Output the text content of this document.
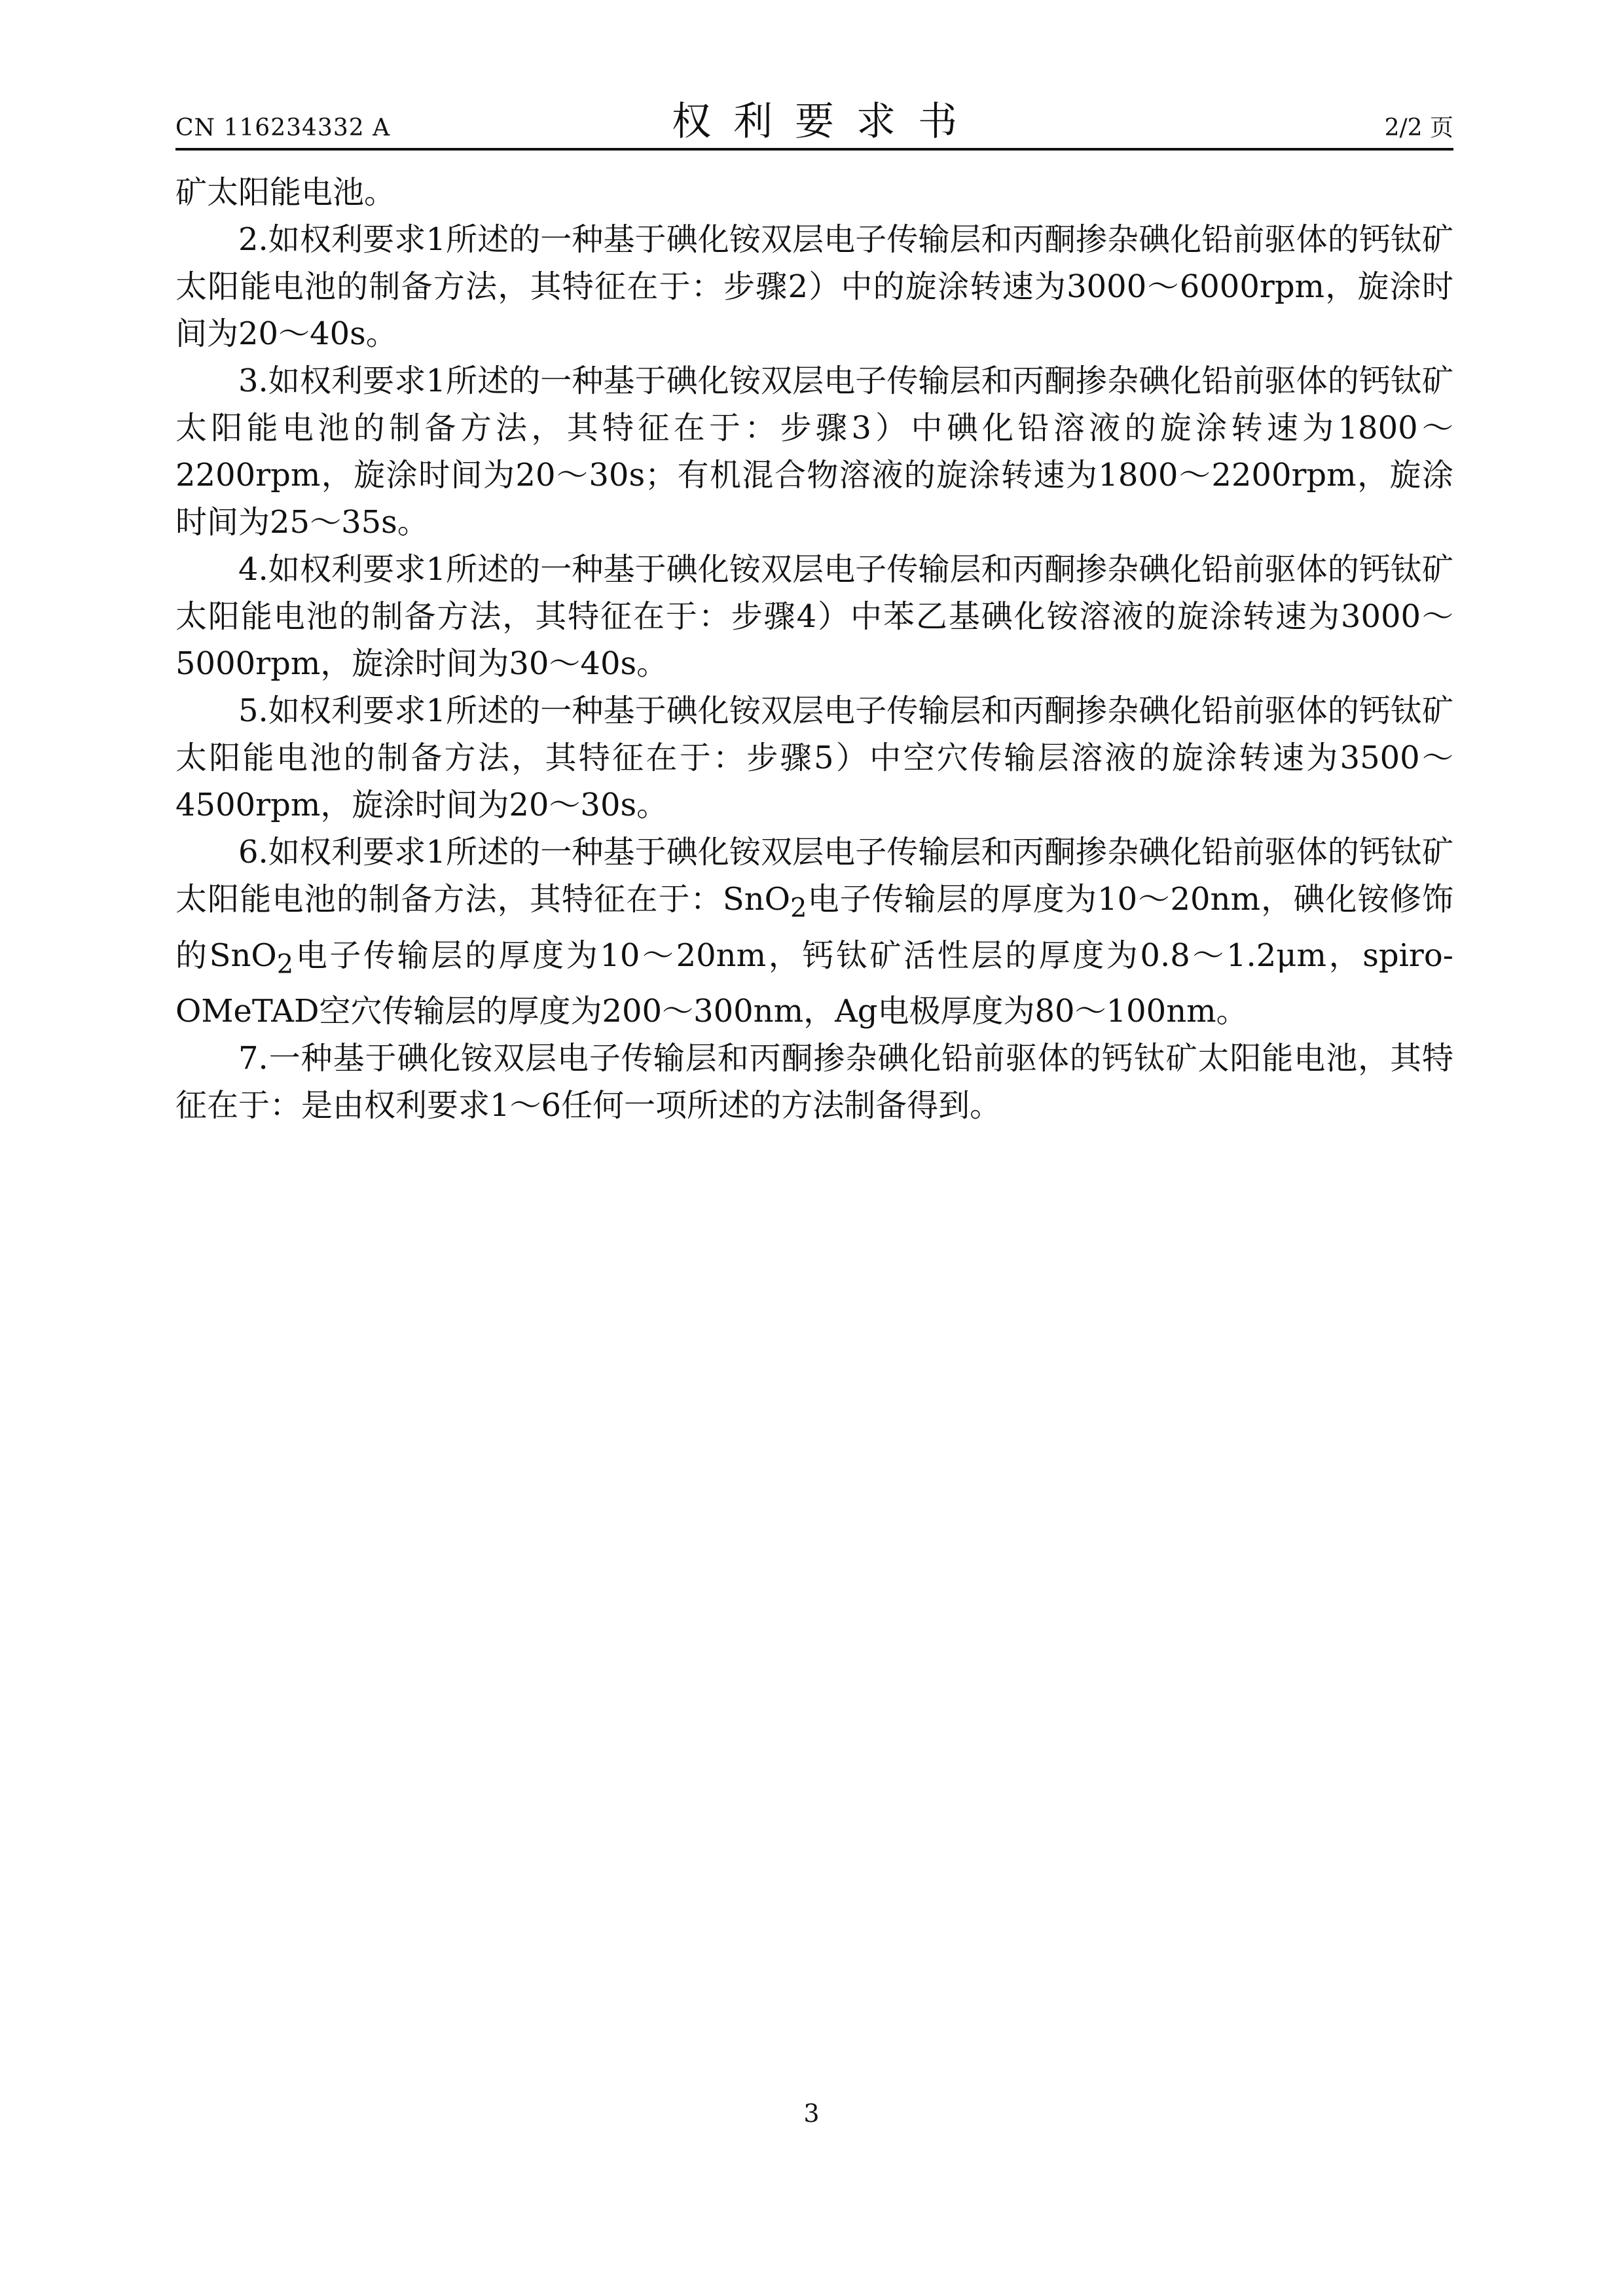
CN 116234332 A	权利要求书	2/2 页

矿太阳能电池。

2.如权利要求1所述的一种基于碘化铵双层电子传输层和丙酮掺杂碘化铅前驱体的钙钛矿太阳能电池的制备方法，其特征在于：步骤2）中的旋涂转速为3000～6000rpm，旋涂时间为20～40s。

3.如权利要求1所述的一种基于碘化铵双层电子传输层和丙酮掺杂碘化铅前驱体的钙钛矿太阳能电池的制备方法，其特征在于：步骤3）中碘化铅溶液的旋涂转速为1800～2200rpm，旋涂时间为20～30s；有机混合物溶液的旋涂转速为1800～2200rpm，旋涂时间为25～35s。

4.如权利要求1所述的一种基于碘化铵双层电子传输层和丙酮掺杂碘化铅前驱体的钙钛矿太阳能电池的制备方法，其特征在于：步骤4）中苯乙基碘化铵溶液的旋涂转速为3000～5000rpm，旋涂时间为30～40s。

5.如权利要求1所述的一种基于碘化铵双层电子传输层和丙酮掺杂碘化铅前驱体的钙钛矿太阳能电池的制备方法，其特征在于：步骤5）中空穴传输层溶液的旋涂转速为3500～4500rpm，旋涂时间为20～30s。

6.如权利要求1所述的一种基于碘化铵双层电子传输层和丙酮掺杂碘化铅前驱体的钙钛矿太阳能电池的制备方法，其特征在于：SnO$_2$电子传输层的厚度为10～20nm，碘化铵修饰的SnO$_2$电子传输层的厚度为10～20nm，钙钛矿活性层的厚度为0.8～1.2μm，spiro-OMeTAD空穴传输层的厚度为200～300nm，Ag电极厚度为80～100nm。

7.一种基于碘化铵双层电子传输层和丙酮掺杂碘化铅前驱体的钙钛矿太阳能电池，其特征在于：是由权利要求1～6任何一项所述的方法制备得到。

3
